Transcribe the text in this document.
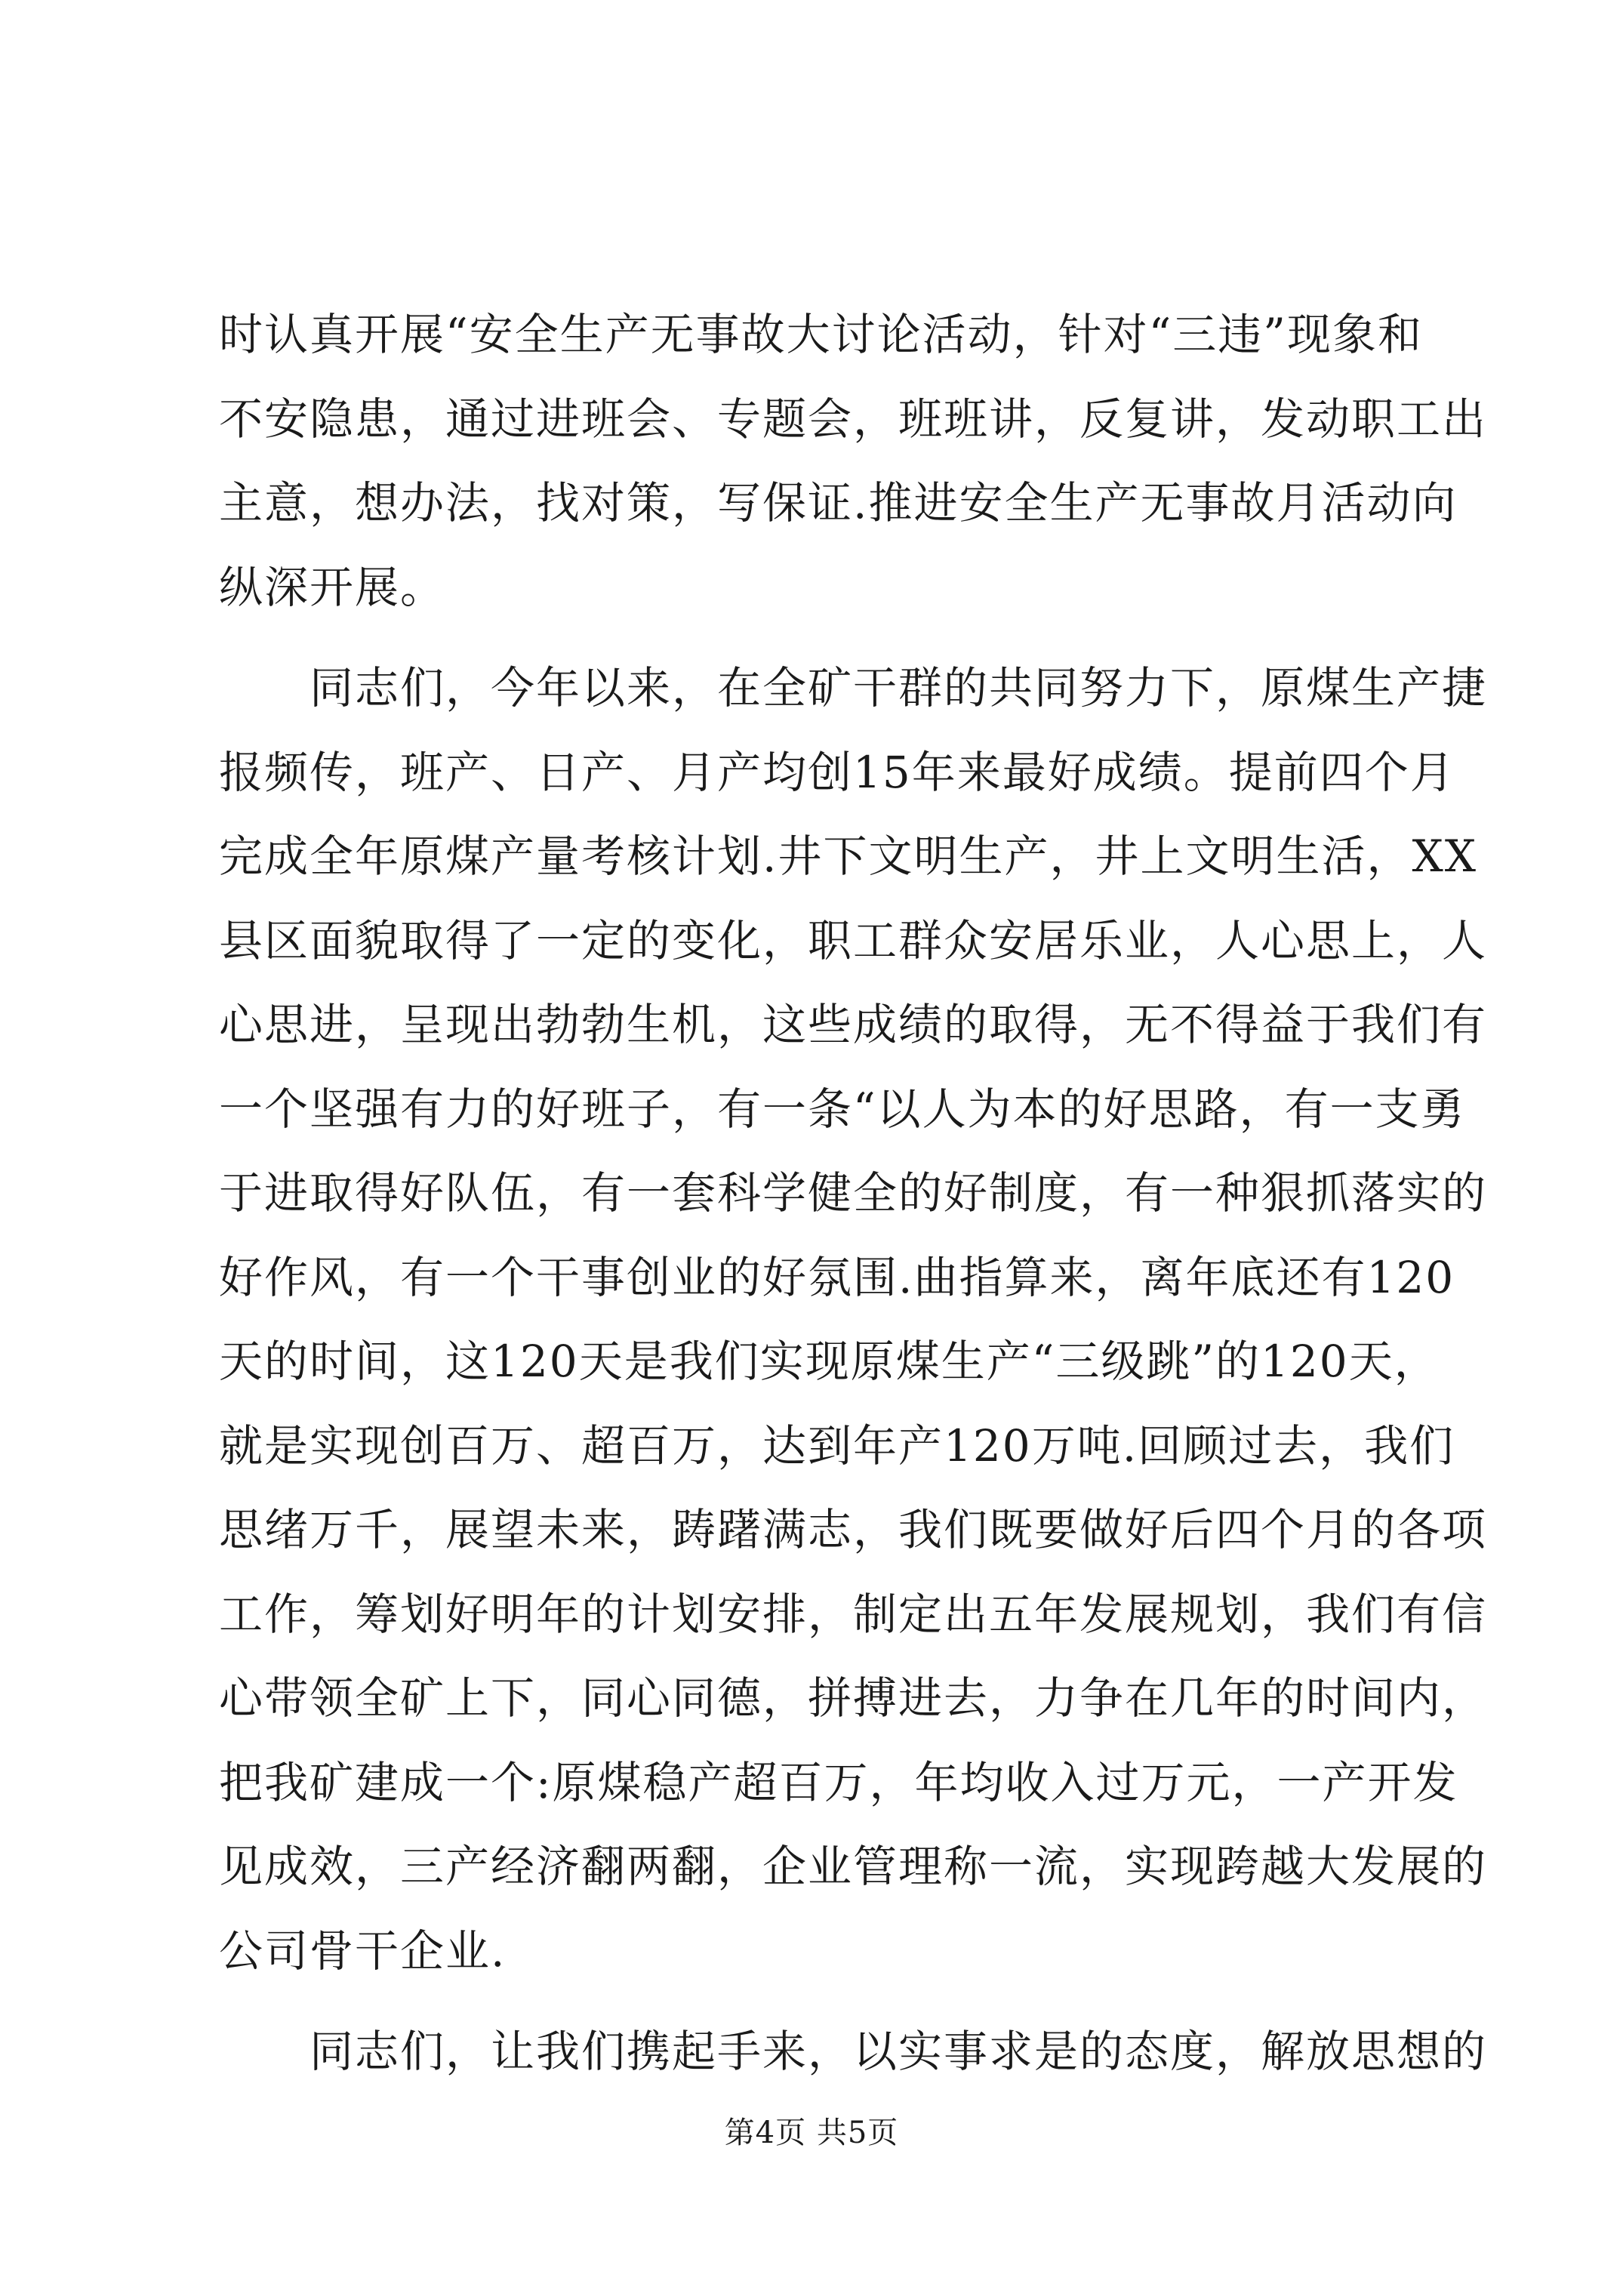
时认真开展“安全生产无事故大讨论活动，针对“三违”现象和
不安隐患，通过进班会、专题会，班班讲，反复讲，发动职工出
主意，想办法，找对策，写保证.推进安全生产无事故月活动向
纵深开展。
同志们，今年以来，在全矿干群的共同努力下，原煤生产捷
报频传，班产、日产、月产均创15年来最好成绩。提前四个月
完成全年原煤产量考核计划.井下文明生产，井上文明生活，XX
县区面貌取得了一定的变化，职工群众安居乐业，人心思上，人
心思进，呈现出勃勃生机，这些成绩的取得，无不得益于我们有
一个坚强有力的好班子，有一条“以人为本的好思路，有一支勇
于进取得好队伍，有一套科学健全的好制度，有一种狠抓落实的
好作风，有一个干事创业的好氛围.曲指算来，离年底还有120
天的时间，这120天是我们实现原煤生产“三级跳”的120天，
就是实现创百万、超百万，达到年产120万吨.回顾过去，我们
思绪万千，展望未来，踌躇满志，我们既要做好后四个月的各项
工作，筹划好明年的计划安排，制定出五年发展规划，我们有信
心带领全矿上下，同心同德，拼搏进去，力争在几年的时间内，
把我矿建成一个:原煤稳产超百万，年均收入过万元，一产开发
见成效，三产经济翻两翻，企业管理称一流，实现跨越大发展的
公司骨干企业.
同志们，让我们携起手来，以实事求是的态度，解放思想的
第4页 共5页
